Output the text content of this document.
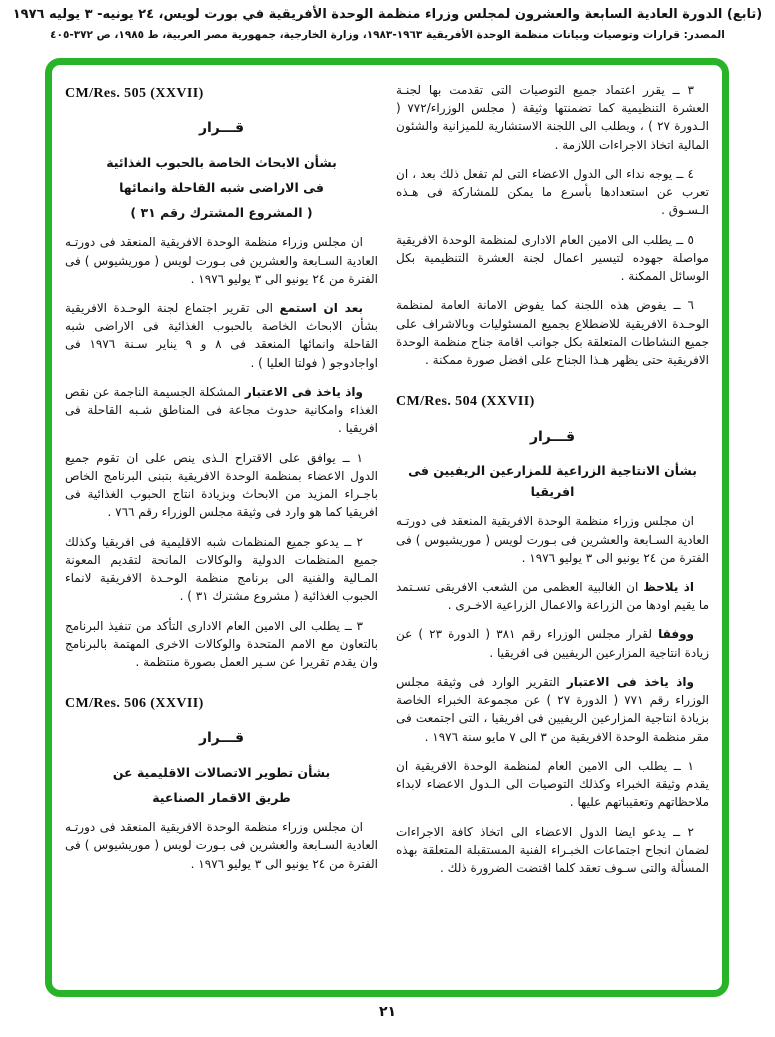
(تابع) الدورة العادية السابعة والعشرون لمجلس وزراء منظمة الوحدة الأفريقية في بورت لويس، ٢٤ يونيه- ٣ يوليه ١٩٧٦
المصدر: قرارات وتوصيات وبيانات منظمة الوحدة الأفريقية ١٩٦٣-١٩٨٣، وزارة الخارجية، جمهورية مصر العربية، ط ١٩٨٥، ص ٣٧٢-٤٠٥
CM/Res. 505 (XXVII)
قـــرار
بشأن الابحاث الخاصة بالحبوب الغذائية
فى الاراضى شبه القاحلة وانمائها
( المشروع المشترك رقم ٣١ )

ان مجلس وزراء منظمة الوحدة الافريقية المنعقد فى دورتـه العادية السـابعة والعشرين فى بـورت لويس ( موريشيوس ) فى الفترة من ٢٤ يونيو الى ٣ يوليو ١٩٧٦ .

بعد ان استمع الى تقرير اجتماع لجنة الوحـدة الافريقية بشأن الابحاث الخاصة بالحبوب الغذائية فى الاراضى شبه القاحلة وانمائها المنعقد فى ٨ و ٩ يناير سـنة ١٩٧٦ فى اواجادوجو ( فولتا العليا ) .

واذ ياخذ فى الاعتبار المشكلة الجسيمة الناجمة عن نقص الغذاء وامكانية حدوث مجاعة فى المناطق شـبه القاحلة فى افريقيا .

١ ــ يوافق على الاقتراح الـذى ينص على ان تقوم جميع الدول الاعضاء بمنظمة الوحدة الافريقية بتبنى البرنامج الخاص باجـراء المزيد من الابحاث وبزيادة انتاج الحبوب الغذائية فى افريقيا كما هو وارد فى وثيقة مجلس الوزراء رقم ٧٦٦ .

٢ ــ يدعو جميع المنظمات شبه الاقليمية فى افريقيا وكذلك جميع المنظمات الدولية والوكالات المانحة لتقديم المعونة المـالية والفنية الى برنامج منظمة الوحـدة الافريقية لانماء الحبوب الغذائية ( مشروع مشترك ٣١ ) .

٣ ــ يطلب الى الامين العام الادارى التأكد من تنفيذ البرنامج بالتعاون مع الامم المتحدة والوكالات الاخرى المهتمة بالبرنامج وان يقدم تقريرا عن سـير العمل بصورة منتظمة .

CM/Res. 506 (XXVII)
قـــرار
بشأن تطوير الاتصالات الاقليمية عن
طريق الاقمار الصناعية

ان مجلس وزراء منظمة الوحدة الافريقية المنعقد فى دورتـه العادية السـابعة والعشرين فى بـورت لويس ( موريشيوس ) فى الفترة من ٢٤ يونيو الى ٣ يوليو ١٩٧٦ .

٣ ــ يقرر اعتماد جميع التوصيات التى تقدمت بها لجنـة العشرة التنظيمية كما تضمنتها وثيقة ( مجلس الوزراء/٧٧٢ ( الـدورة ٢٧ ) ، ويطلب الى اللجنة الاستشارية للميزانية والشئون المالية اتخاذ الاجراءات اللازمة .

٤ ــ يوجه نداء الى الدول الاعضاء التى لم تفعل ذلك بعد ، ان تعرب عن استعدادها بأسرع ما يمكن للمشاركة فى هـذه الـسـوق .

٥ ــ يطلب الى الامين العام الادارى لمنظمة الوحدة الافريقية مواصلة جهوده لتيسير اعمال لجنة العشرة التنظيمية بكل الوسائل الممكنة .

٦ ــ يفوض هذه اللجنة كما يفوض الامانة العامة لمنظمة الوحـدة الافريقية للاضطلاع بجميع المسئوليات وبالاشراف على جميع النشاطات المتعلقة بكل جوانب اقامة جناح منظمة الوحدة الافريقية حتى يظهر هـذا الجناح على افضل صورة ممكنة .

CM/Res. 504 (XXVII)
قـــرار
بشأن الانتاجية الزراعية للمزارعين الريفيين فى افريقيا

ان مجلس وزراء منظمة الوحدة الافريقية المنعقد فى دورتـه العادية السـابعة والعشرين فى بـورت لويس ( موريشيوس ) فى الفترة من ٢٤ يونيو الى ٣ يوليو ١٩٧٦ .

اذ يلاحظ ان الغالبية العظمى من الشعب الافريقى تسـتمد ما يقيم اودها من الزراعة والاعمال الزراعية الاخـرى .

ووفقا لقرار مجلس الوزراء رقم ٣٨١ ( الدورة ٢٣ ) عن زيادة انتاجية المزارعين الريفيين فى افريقيا .

واذ ياخذ فى الاعتبار التقرير الوارد فى وثيقة مجلس الوزراء رقم ٧٧١ ( الدورة ٢٧ ) عن مجموعة الخبراء الخاصة بزيادة انتاجية المزارعين الريفيين فى افريقيا ، التى اجتمعت فى مقر منظمة الوحدة الافريقية من ٣ الى ٧ مايو سنة ١٩٧٦ .

١ ــ يطلب الى الامين العام لمنظمة الوحدة الافريقية ان يقدم وثيقة الخبراء وكذلك التوصيات الى الـدول الاعضاء لابداء ملاحظاتهم وتعقيباتهم عليها .

٢ ــ يدعو ايضا الدول الاعضاء الى اتخاذ كافة الاجراءات لضمان انجاح اجتماعات الخبـراء الفنية المستقبلة المتعلقة بهذه المسألة والتى سـوف تعقد كلما اقتضت الضرورة ذلك .

٢١
